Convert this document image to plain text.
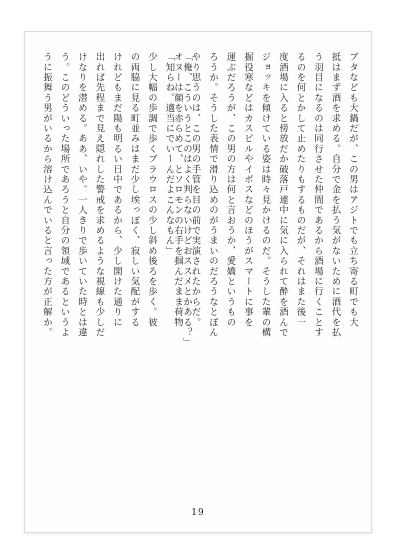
「俺、こういうとこのはよく判らないけどおススメとかある？」
「知らね。適当にでいーんだよこんなもん」
少し大幅の歩調で歩くブラウロスの少し斜め後ろを歩く。彼
の両脇に見る町並みはまだ少し埃っぽく、寂しい気配がする
けれどもまだ陽も明るい日中であるから、少し開けた通りに
出れば先程まで見え隠れした警戒を求めるような視線も少しだ
けなりを潜める。ああ、いや。一人きりで歩いていた時とは違
う。このどういった場所であろうと自分の領域であるというよ
うに振舞う男がいるから溶け込んでいると言った方が正解か。	ブタなども大鍋だが、この男はアジトでも立ち寄る町でも大
抵はまず酒を求める。自分で金を払う気がないために酒代を払
う羽目になるのは同行させた仲間であるから酒場に行くことす
るのを何とかして止めたりもするものだが、それはまた後一
度酒場に入ると傍放だか破落戸連中に気に入られて酔を酒んで
ジョッキを傾けている姿は時々見かけるのだ。そうした輩の構
掘役寒などはカスピルやイボスなどのほうがスマートに事を
運ぶだろうが、この男の方は何と言おうか、愛嬌というもの
ろうか。そうした表情で滑り込めのがうまいのだろうなとぼん
やり思うのは、この男の手管を目の前で実演されたからだ。
オヌーは顔を赤らめて、とソロモンの右手を掴んだまま荷物
19
